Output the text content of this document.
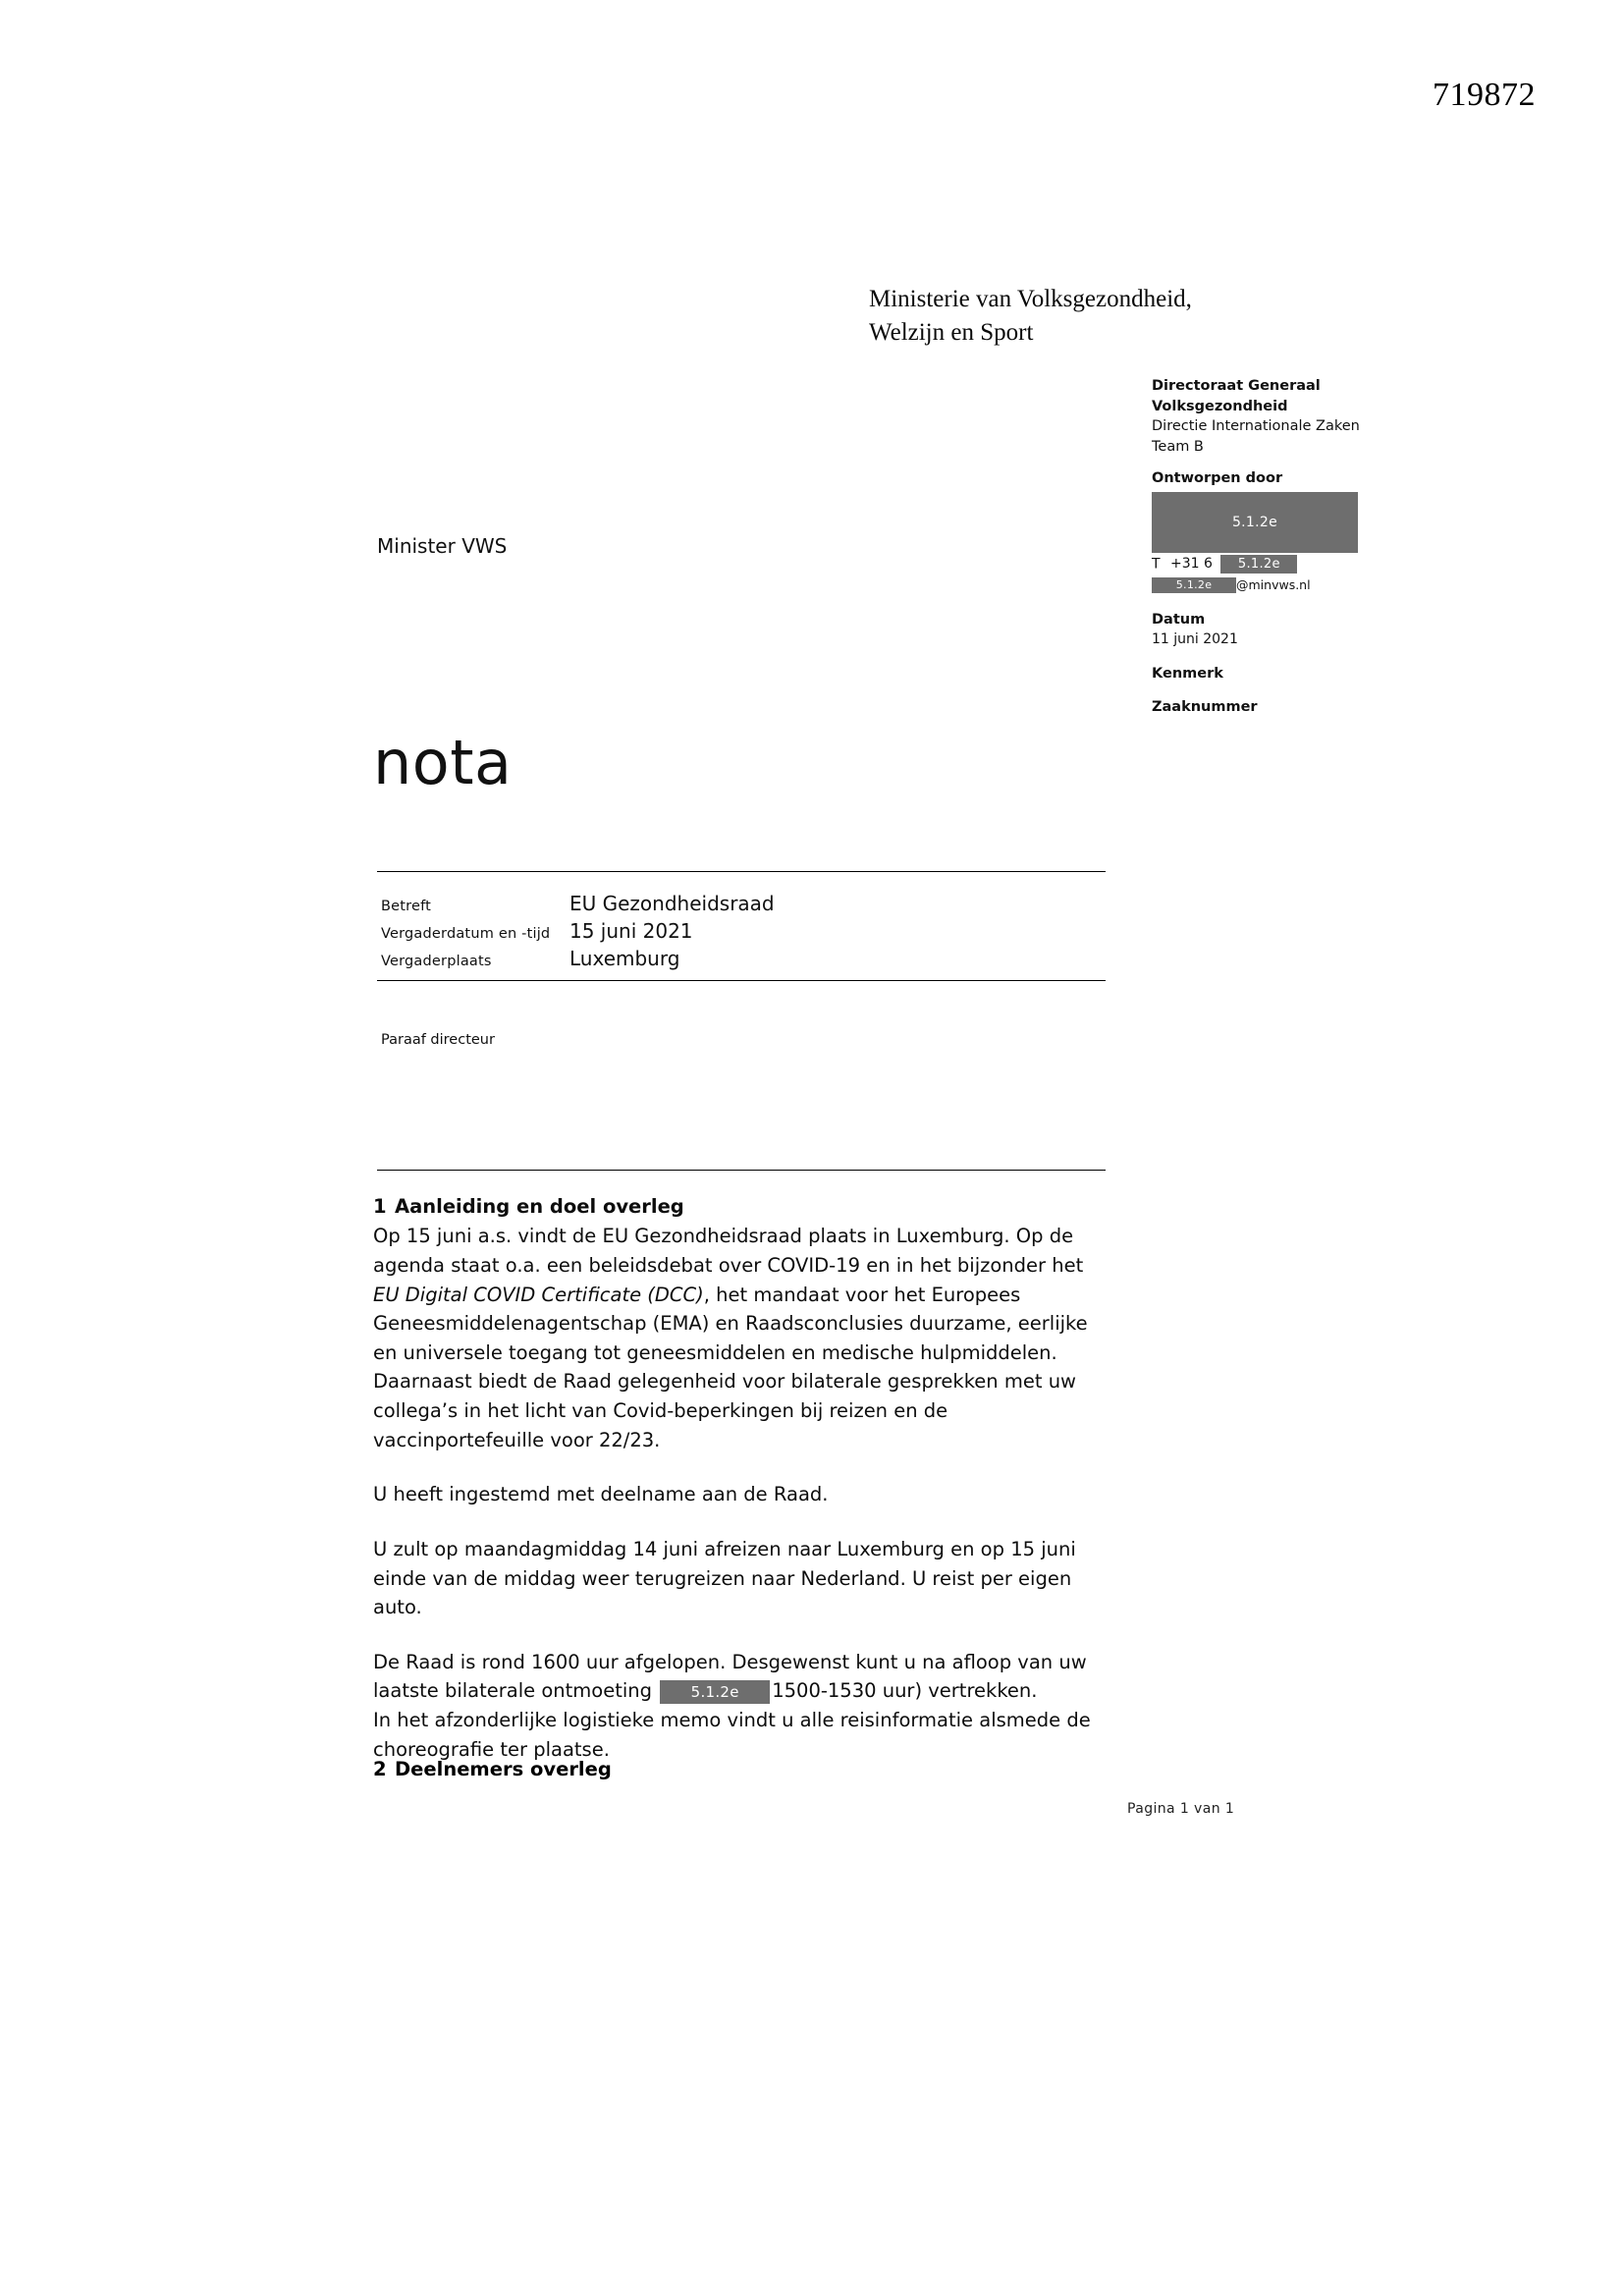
719872
Ministerie van Volksgezondheid,
Welzijn en Sport
Directoraat Generaal
Volksgezondheid
Directie Internationale Zaken
Team B
Ontworpen door
5.1.2e
T +31 6 5.1.2e
5.1.2e @minvws.nl
Datum
11 juni 2021
Kenmerk
Zaaknummer
Minister VWS
nota
Betreft	EU Gezondheidsraad
Vergaderdatum en -tijd 15 juni 2021
Vergaderplaats	Luxemburg
Paraaf directeur
1 Aanleiding en doel overleg

Op 15 juni a.s. vindt de EU Gezondheidsraad plaats in Luxemburg. Op de agenda staat o.a. een beleidsdebat over COVID-19 en in het bijzonder het EU Digital COVID Certificate (DCC), het mandaat voor het Europees Geneesmiddelenagentschap (EMA) en Raadsconclusies duurzame, eerlijke en universele toegang tot geneesmiddelen en medische hulpmiddelen. Daarnaast biedt de Raad gelegenheid voor bilaterale gesprekken met uw collega’s in het licht van Covid-beperkingen bij reizen en de vaccinportefeuille voor 22/23.

U heeft ingestemd met deelname aan de Raad.

U zult op maandagmiddag 14 juni afreizen naar Luxemburg en op 15 juni einde van de middag weer terugreizen naar Nederland. U reist per eigen auto.

De Raad is rond 1600 uur afgelopen. Desgewenst kunt u na afloop van uw laatste bilaterale ontmoeting 5.1.2e 1500-1530 uur) vertrekken.

In het afzonderlijke logistieke memo vindt u alle reisinformatie alsmede de choreografie ter plaatse.

2 Deelnemers overleg
Pagina 1 van 1
